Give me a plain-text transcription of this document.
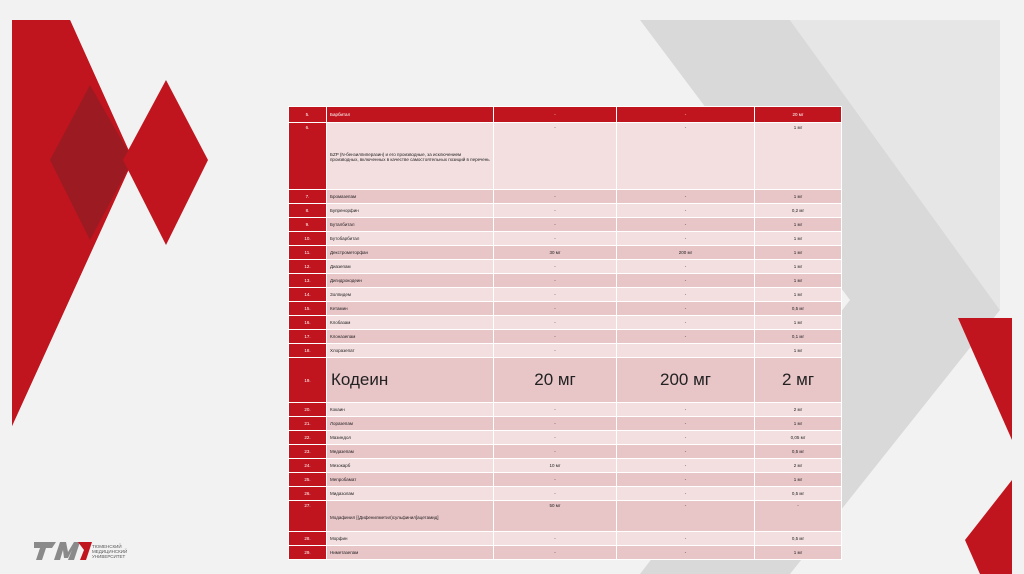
5.	Барбитал	-	-	20 мг
6.	БZP (N-бензилпиперазин) и его производные, за исключением производных, включенных в качестве самостоятельных позиций в перечень	-	-	1 мг
7.	Бромазепам	-	-	1 мг
8.	Бупренорфин	-	-	0,2 мг
9.	Буталбитал	-	-	1 мг
10.	Бутобарбитал	-	-	1 мг
11.	Декстрометорфан	30 мг	200 мг	1 мг
12.	Диазепам	-	-	1 мг
13.	Дигидрокодеин	-	-	1 мг
14.	Золпидем	-	-	1 мг
15.	Кетамин	-	-	0,5 мг
16.	Клобазам	-	-	1 мг
17.	Клоназепам	-	-	0,1 мг
18.	Хлоразепат	-		1 мг
19.	Кодеин	20 мг	200 мг	2 мг
20.	Кокаин	-	-	2 мг
21.	Лоразепам	-	-	1 мг
22.	Мазиндол	-	-	0,05 мг
23.	Медазепам	-	-	0,5 мг
24.	Мезокарб	10 мг	-	2 мг
25.	Мепробамат	-	-	1 мг
26.	Мидазолам	-	-	0,5 мг
27.	Модафинил [(Дифенилметил)сульфинил]ацетамид]	50 мг	-	-
28.	Морфин	-	-	0,5 мг
29.	Ниметазепам	-	-	1 мг
ТЮМЕНСКИЙ МЕДИЦИНСКИЙ УНИВЕРСИТЕТ
